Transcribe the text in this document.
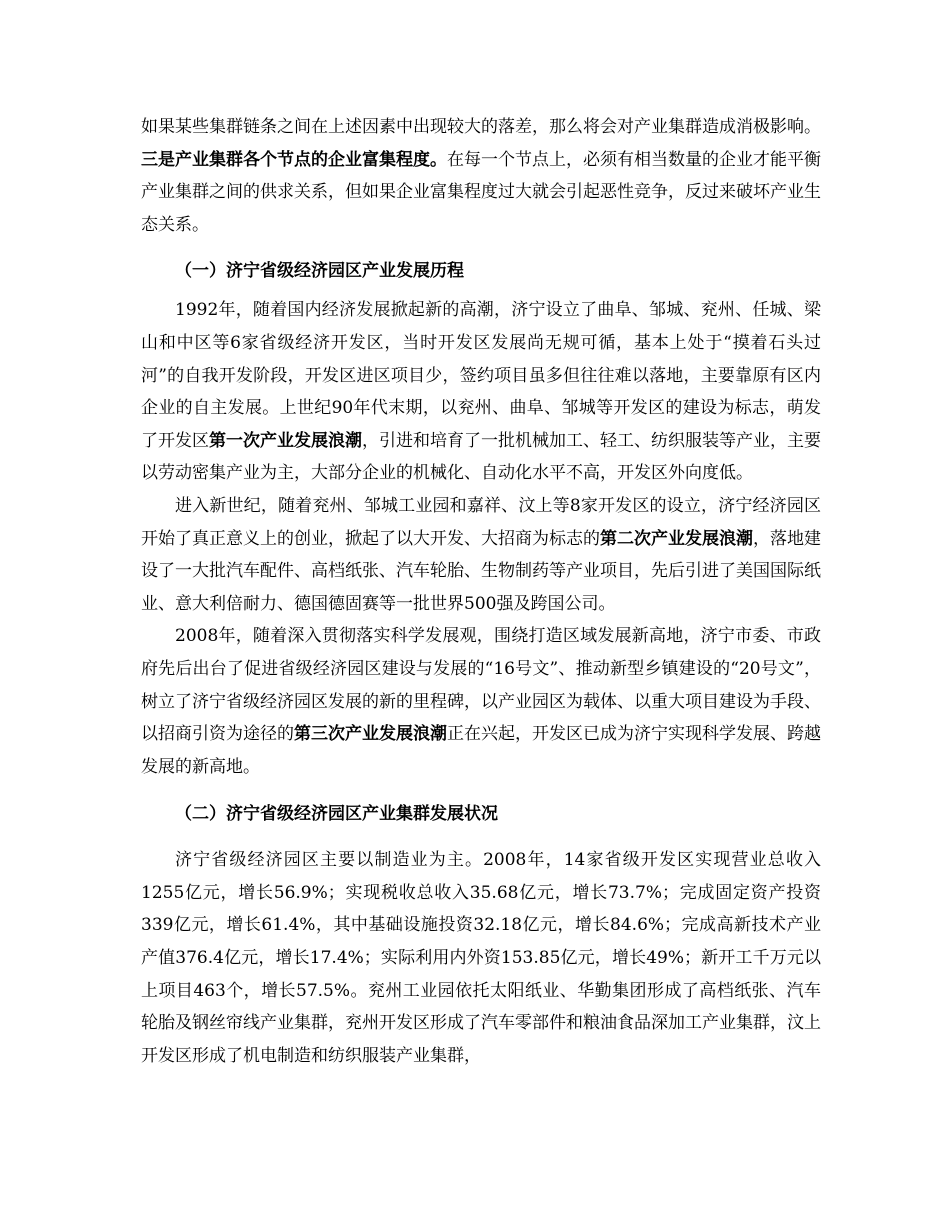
如果某些集群链条之间在上述因素中出现较大的落差，那么将会对产业集群造成消极影响。三是产业集群各个节点的企业富集程度。在每一个节点上，必须有相当数量的企业才能平衡产业集群之间的供求关系，但如果企业富集程度过大就会引起恶性竞争，反过来破坏产业生态关系。

（一）济宁省级经济园区产业发展历程

1992年，随着国内经济发展掀起新的高潮，济宁设立了曲阜、邹城、兖州、任城、梁山和中区等6家省级经济开发区，当时开发区发展尚无规可循，基本上处于“摸着石头过河”的自我开发阶段，开发区进区项目少，签约项目虽多但往往难以落地，主要靠原有区内企业的自主发展。上世纪90年代末期，以兖州、曲阜、邹城等开发区的建设为标志，萌发了开发区第一次产业发展浪潮，引进和培育了一批机械加工、轻工、纺织服装等产业，主要以劳动密集产业为主，大部分企业的机械化、自动化水平不高，开发区外向度低。

进入新世纪，随着兖州、邹城工业园和嘉祥、汶上等8家开发区的设立，济宁经济园区开始了真正意义上的创业，掀起了以大开发、大招商为标志的第二次产业发展浪潮，落地建设了一大批汽车配件、高档纸张、汽车轮胎、生物制药等产业项目，先后引进了美国国际纸业、意大利倍耐力、德国德固赛等一批世界500强及跨国公司。

2008年，随着深入贯彻落实科学发展观，围绕打造区域发展新高地，济宁市委、市政府先后出台了促进省级经济园区建设与发展的“16号文”、推动新型乡镇建设的“20号文”，树立了济宁省级经济园区发展的新的里程碑，以产业园区为载体、以重大项目建设为手段、以招商引资为途径的第三次产业发展浪潮正在兴起，开发区已成为济宁实现科学发展、跨越发展的新高地。

（二）济宁省级经济园区产业集群发展状况

济宁省级经济园区主要以制造业为主。2008年，14家省级开发区实现营业总收入1255亿元，增长56.9%；实现税收总收入35.68亿元，增长73.7%；完成固定资产投资339亿元，增长61.4%，其中基础设施投资32.18亿元，增长84.6%；完成高新技术产业产值376.4亿元，增长17.4%；实际利用内外资153.85亿元，增长49%；新开工千万元以上项目463个，增长57.5%。兖州工业园依托太阳纸业、华勤集团形成了高档纸张、汽车轮胎及钢丝帘线产业集群，兖州开发区形成了汽车零部件和粮油食品深加工产业集群，汶上开发区形成了机电制造和纺织服装产业集群，
